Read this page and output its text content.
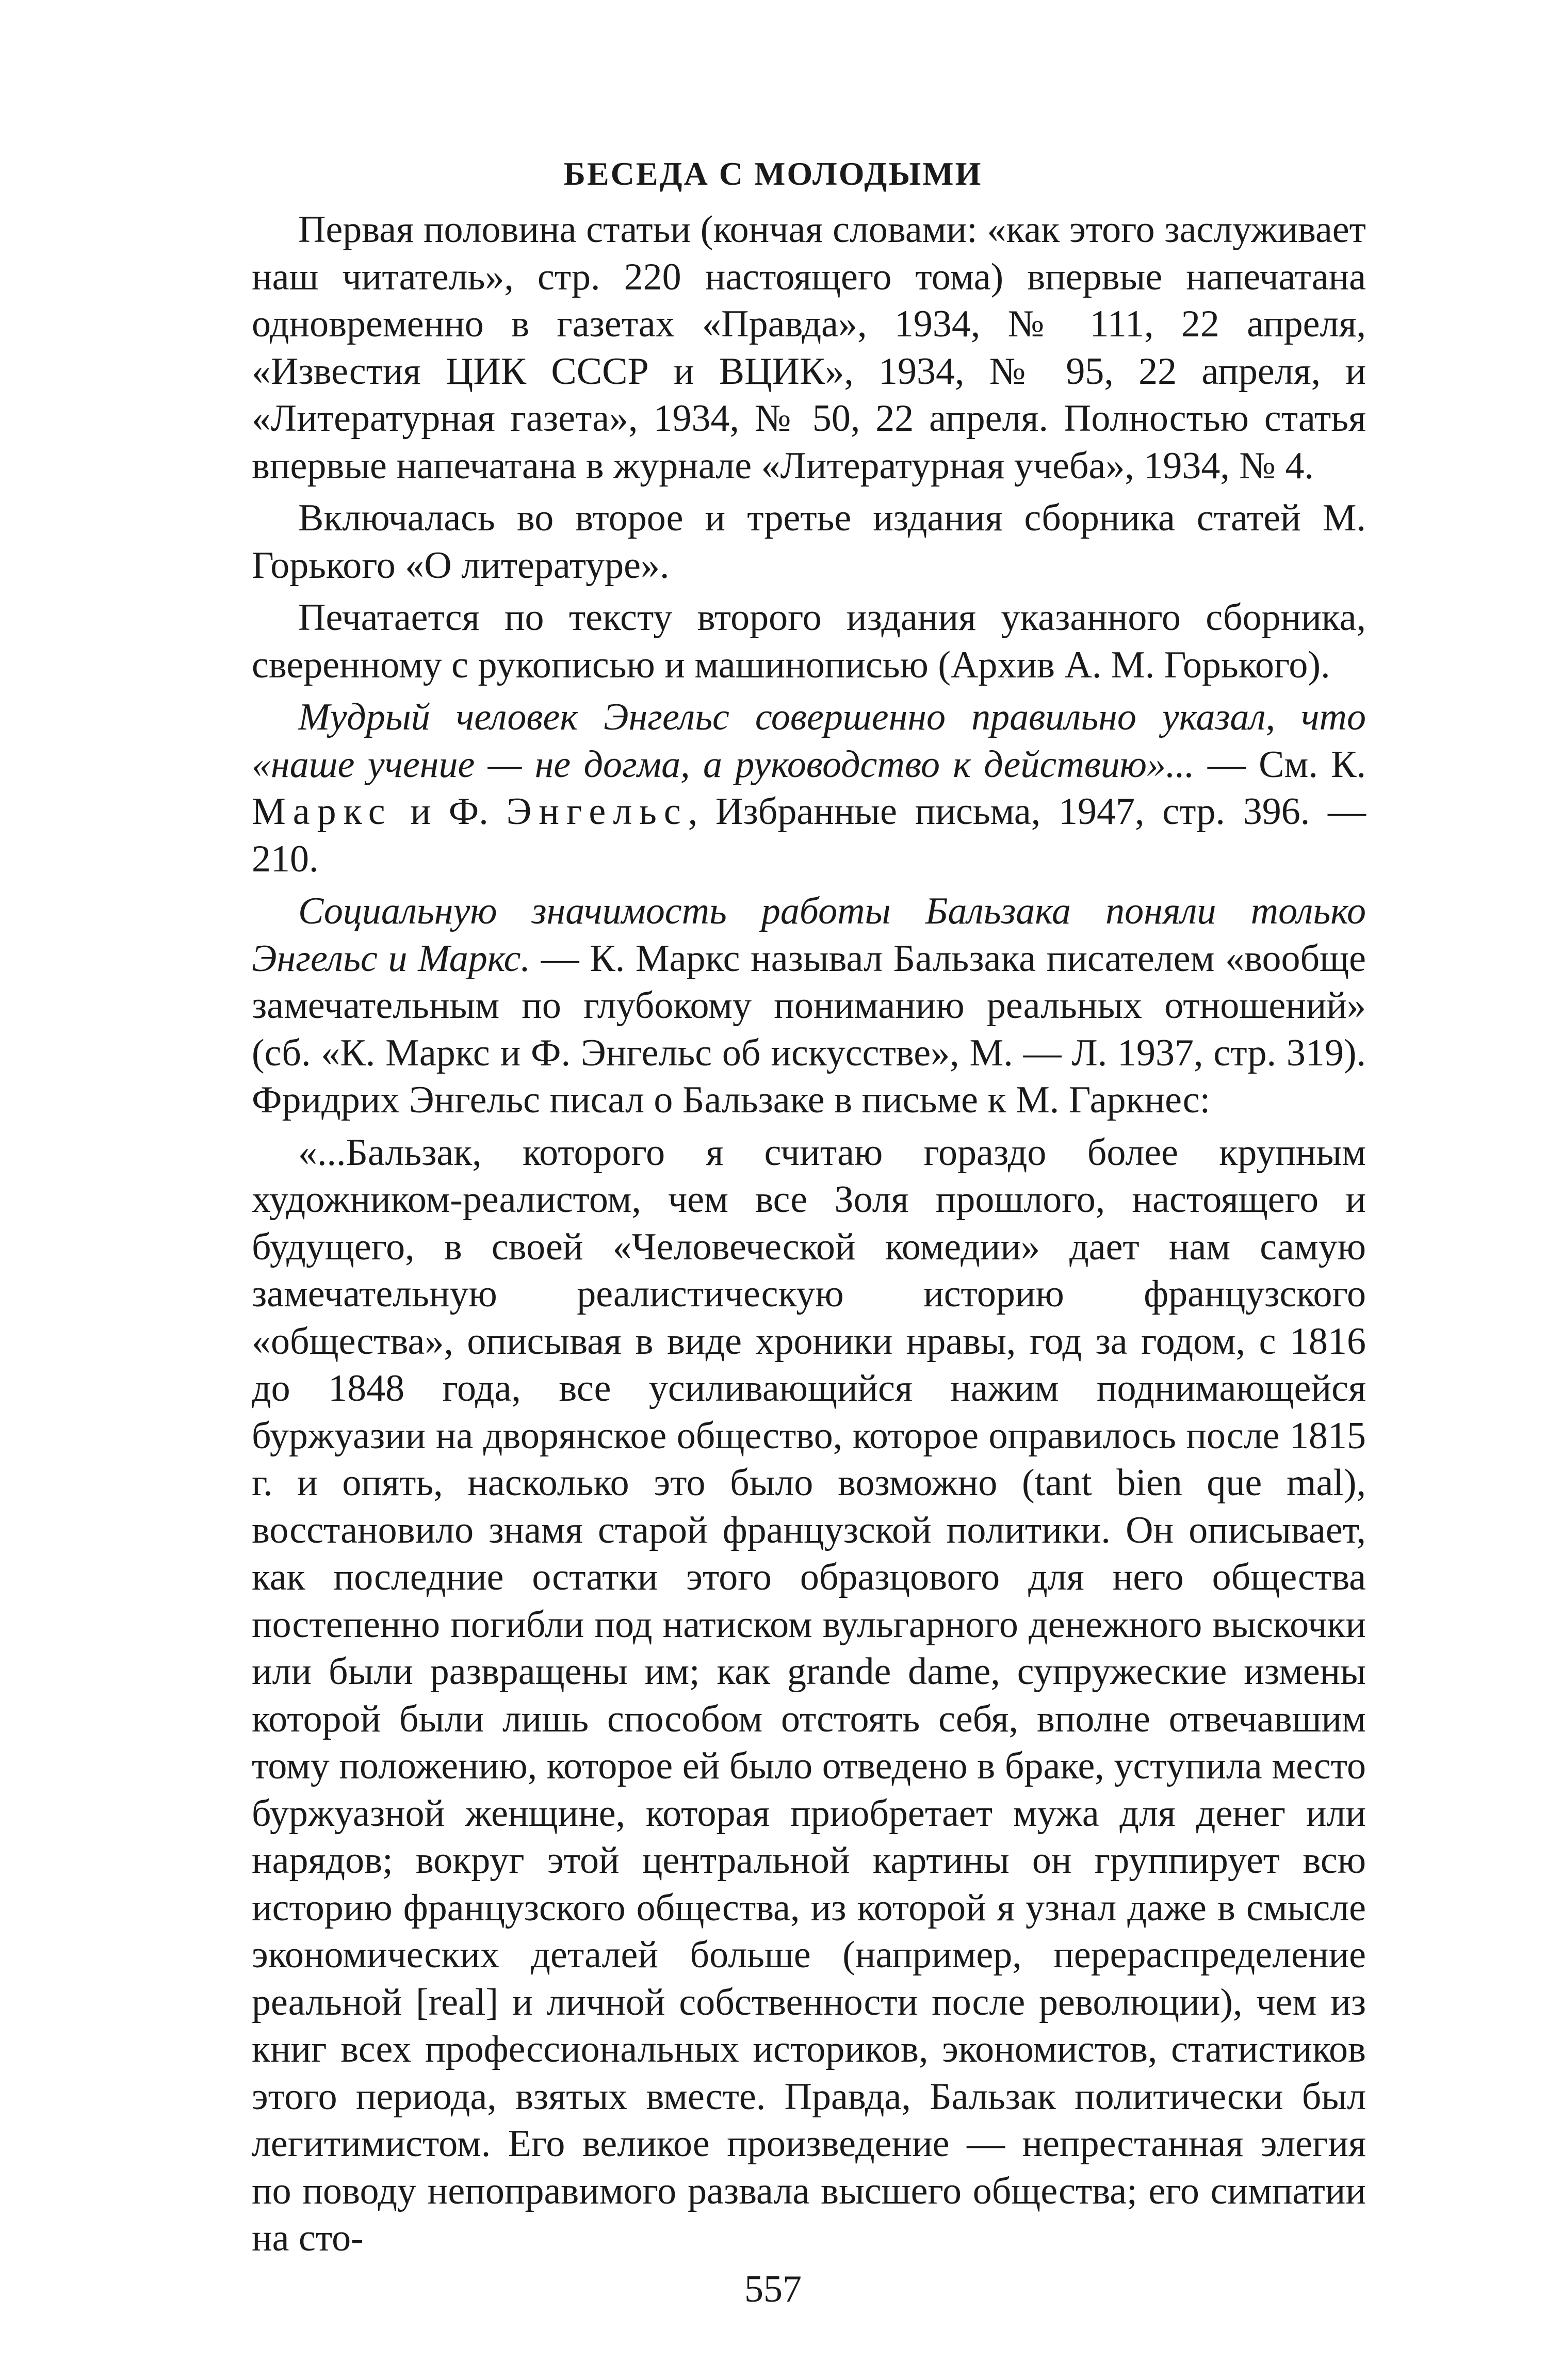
БЕСЕДА С МОЛОДЫМИ

Первая половина статьи (кончая словами: «как этого заслуживает наш читатель», стр. 220 настоящего тома) впервые напечатана одновременно в газетах «Правда», 1934, № 111, 22 апреля, «Известия ЦИК СССР и ВЦИК», 1934, № 95, 22 апреля, и «Литературная газета», 1934, № 50, 22 апреля. Полностью статья впервые напечатана в журнале «Литературная учеба», 1934, № 4.

Включалась во второе и третье издания сборника статей М. Горького «О литературе».

Печатается по тексту второго издания указанного сборника, сверенному с рукописью и машинописью (Архив А. М. Горького).

Мудрый человек Энгельс совершенно правильно указал, что «наше учение — не догма, а руководство к действию»... — См. К. Маркс и Ф. Энгельс, Избранные письма, 1947, стр. 396. — 210.

Социальную значимость работы Бальзака поняли только Энгельс и Маркс. — К. Маркс называл Бальзака писателем «вообще замечательным по глубокому пониманию реальных отношений» (сб. «К. Маркс и Ф. Энгельс об искусстве», М. — Л. 1937, стр. 319). Фридрих Энгельс писал о Бальзаке в письме к М. Гаркнес:

«...Бальзак, которого я считаю гораздо более крупным художником-реалистом, чем все Золя прошлого, настоящего и будущего, в своей «Человеческой комедии» дает нам самую замечательную реалистическую историю французского «общества», описывая в виде хроники нравы, год за годом, с 1816 до 1848 года, все усиливающийся нажим поднимающейся буржуазии на дворянское общество, которое оправилось после 1815 г. и опять, насколько это было возможно (tant bien que mal), восстановило знамя старой французской политики. Он описывает, как последние остатки этого образцового для него общества постепенно погибли под натиском вульгарного денежного выскочки или были развращены им; как grande dame, супружеские измены которой были лишь способом отстоять себя, вполне отвечавшим тому положению, которое ей было отведено в браке, уступила место буржуазной женщине, которая приобретает мужа для денег или нарядов; вокруг этой центральной картины он группирует всю историю французского общества, из которой я узнал даже в смысле экономических деталей больше (например, перераспределение реальной [real] и личной собственности после революции), чем из книг всех профессиональных историков, экономистов, статистиков этого периода, взятых вместе. Правда, Бальзак политически был легитимистом. Его великое произведение — непрестанная элегия по поводу непоправимого развала высшего общества; его симпатии на сто-

557
